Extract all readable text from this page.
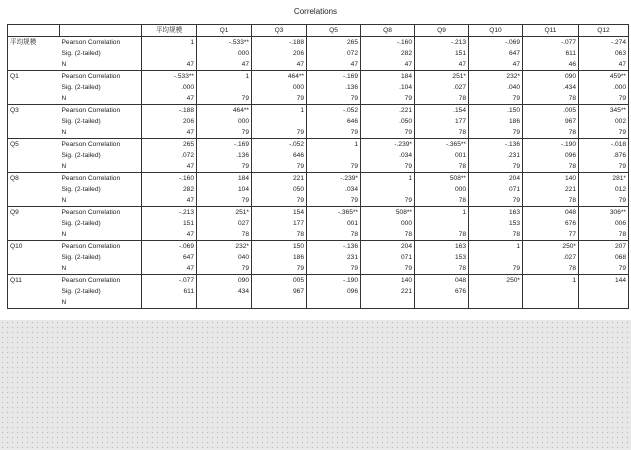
Correlations
		平均规模	Q1	Q3	Q5	Q8	Q9	Q10	Q11	Q12	
平均规模	Pearson Correlation	1	-.533**	-.188	265	-.160	-.213	-.069	-.077	-.274	
	Sig. (2-tailed)		000	206	072	282	151	647	611	063	
	N	47	47	47	47	47	47	47	46	47	
Q1	Pearson Correlation	-.533**	1	464**	-.169	184	251*	232*	090	459**	
	Sig. (2-tailed)	.000		000	.136	.104	.027	.040	.434	.000	
	N	47	79	79	79	79	78	79	78	79	
Q3	Pearson Correlation	-.188	464**	1	-.052	.221	.154	.150	.005	345**	
	Sig. (2-tailed)	206	000		646	.050	177	186	967	002	
	N	47	79	79	79	79	78	79	78	79	
Q5	Pearson Correlation	265	-.169	-.052	1	-.239*	-.365**	-.136	-.190	-.018	
	Sig. (2-tailed)	.072	.136	646		.034	001	.231	096	.876	
	N	47	79	79	79	79	78	79	78	79	
Q8	Pearson Correlation	-.160	184	221	-.239*	1	508**	204	140	281*	
	Sig. (2-tailed)	282	104	050	.034		000	071	221	012	
	N	47	79	79	79	79	78	79	78	79	
Q9	Pearson Correlation	-.213	251*	154	-.365**	508**	1	163	048	306**	
	Sig. (2-tailed)	151	027	177	001	000		153	676	006	
	N	47	78	78	78	78	78	78	77	78	
Q10	Pearson Correlation	-.069	232*	150	-.136	204	163	1	250*	207	
	Sig. (2-tailed)	647	040	186	231	071	153		.027	068	
	N	47	79	79	79	79	78	79	78	79	
Q11	Pearson Correlation	-.077	090	005	-.190	140	048	250*	1	144	
	Sig. (2-tailed)	611	434	967	096	221	676				
	N										
